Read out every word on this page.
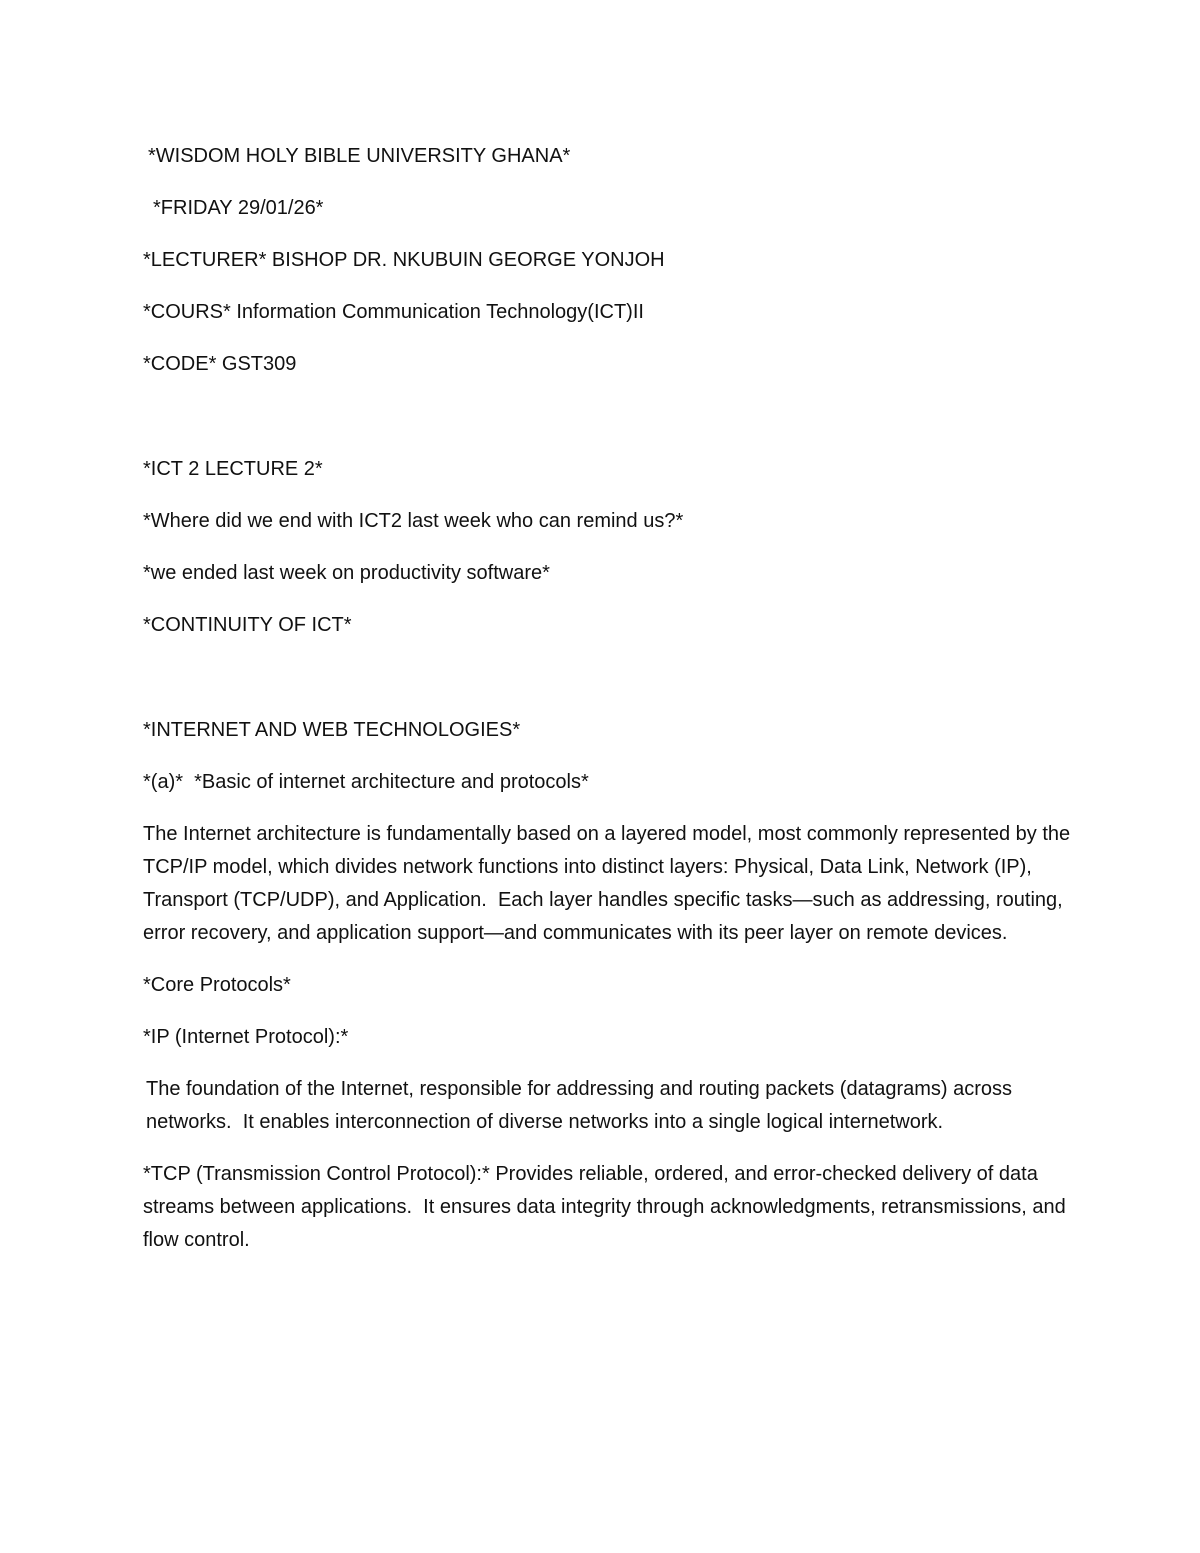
*WISDOM HOLY BIBLE UNIVERSITY GHANA*

*FRIDAY 29/01/26*

*LECTURER* BISHOP DR. NKUBUIN GEORGE YONJOH

*COURS* Information Communication Technology(ICT)II

*CODE* GST309

*ICT 2 LECTURE 2*

*Where did we end with ICT2 last week who can remind us?*

*we ended last week on productivity software*

*CONTINUITY OF ICT*

*INTERNET AND WEB TECHNOLOGIES*

*(a)*  *Basic of internet architecture and protocols*

The Internet architecture is fundamentally based on a layered model, most commonly represented by the TCP/IP model, which divides network functions into distinct layers: Physical, Data Link, Network (IP), Transport (TCP/UDP), and Application.  Each layer handles specific tasks—such as addressing, routing, error recovery, and application support—and communicates with its peer layer on remote devices.

*Core Protocols*

*IP (Internet Protocol):*

The foundation of the Internet, responsible for addressing and routing packets (datagrams) across networks.  It enables interconnection of diverse networks into a single logical internetwork.

*TCP (Transmission Control Protocol):* Provides reliable, ordered, and error-checked delivery of data streams between applications.  It ensures data integrity through acknowledgments, retransmissions, and flow control.
